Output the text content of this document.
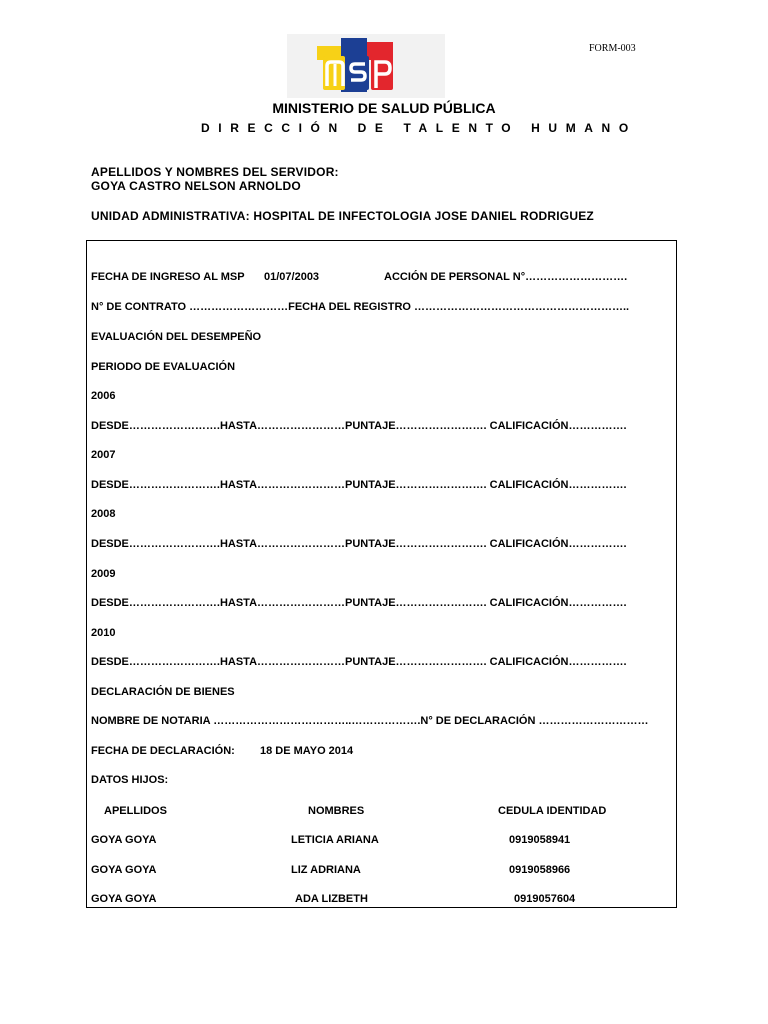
FORM-003
MINISTERIO DE SALUD PÚBLICA
DIRECCIÓN DE TALENTO HUMANO
APELLIDOS Y NOMBRES DEL SERVIDOR:
GOYA CASTRO NELSON ARNOLDO
UNIDAD ADMINISTRATIVA: HOSPITAL DE INFECTOLOGIA JOSE DANIEL RODRIGUEZ
FECHA DE INGRESO AL MSP 01/07/2003	ACCIÓN DE PERSONAL N°……………………….
N° DE CONTRATO ………………………FECHA DEL REGISTRO …………………………………………………..
EVALUACIÓN DEL DESEMPEÑO
PERIODO DE EVALUACIÓN
2006
DESDE…………………….HASTA……………………PUNTAJE……………………. CALIFICACIÓN…………….
2007
DESDE…………………….HASTA……………………PUNTAJE……………………. CALIFICACIÓN…………….
2008
DESDE…………………….HASTA……………………PUNTAJE……………………. CALIFICACIÓN…………….
2009
DESDE…………………….HASTA……………………PUNTAJE……………………. CALIFICACIÓN…………….
2010
DESDE…………………….HASTA……………………PUNTAJE……………………. CALIFICACIÓN…………….
DECLARACIÓN DE BIENES
NOMBRE DE NOTARIA ………………………………..……………….N° DE DECLARACIÓN …………………………
FECHA DE DECLARACIÓN: 18 DE MAYO 2014
DATOS HIJOS:
APELLIDOS	NOMBRES	CEDULA IDENTIDAD
GOYA GOYA	LETICIA ARIANA	0919058941
GOYA GOYA	LIZ ADRIANA	0919058966
GOYA GOYA	ADA LIZBETH	0919057604
